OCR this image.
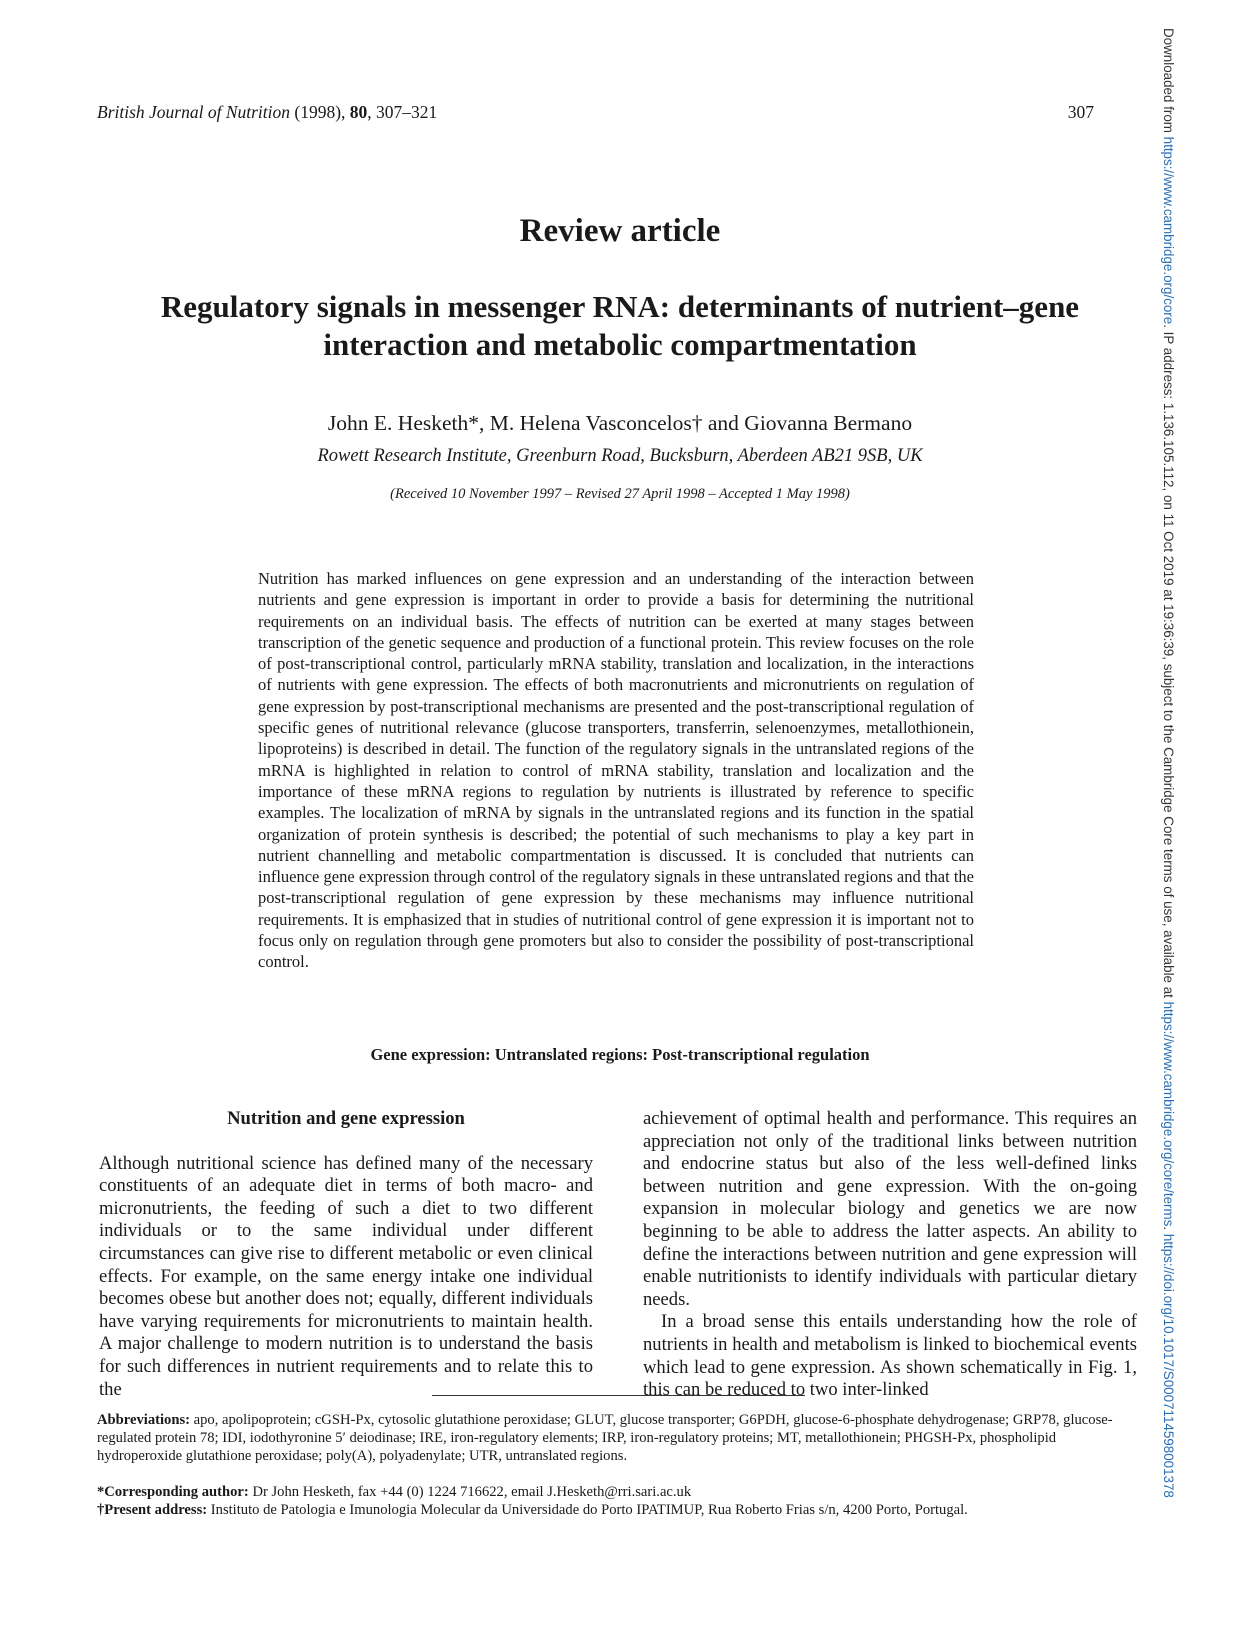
British Journal of Nutrition (1998), 80, 307–321	307
Review article
Regulatory signals in messenger RNA: determinants of nutrient–gene
interaction and metabolic compartmentation
John E. Hesketh*, M. Helena Vasconcelos† and Giovanna Bermano
Rowett Research Institute, Greenburn Road, Bucksburn, Aberdeen AB21 9SB, UK
(Received 10 November 1997 – Revised 27 April 1998 – Accepted 1 May 1998)
Nutrition has marked influences on gene expression and an understanding of the interaction between nutrients and gene expression is important in order to provide a basis for determining the nutritional requirements on an individual basis. The effects of nutrition can be exerted at many stages between transcription of the genetic sequence and production of a functional protein. This review focuses on the role of post-transcriptional control, particularly mRNA stability, translation and localization, in the interactions of nutrients with gene expression. The effects of both macronutrients and micronutrients on regulation of gene expression by post-transcriptional mechanisms are presented and the post-transcriptional regulation of specific genes of nutritional relevance (glucose transporters, transferrin, selenoenzymes, metallothionein, lipoproteins) is described in detail. The function of the regulatory signals in the untranslated regions of the mRNA is highlighted in relation to control of mRNA stability, translation and localization and the importance of these mRNA regions to regulation by nutrients is illustrated by reference to specific examples. The localization of mRNA by signals in the untranslated regions and its function in the spatial organization of protein synthesis is described; the potential of such mechanisms to play a key part in nutrient channelling and metabolic compartmentation is discussed. It is concluded that nutrients can influence gene expression through control of the regulatory signals in these untranslated regions and that the post-transcriptional regulation of gene expression by these mechanisms may influence nutritional requirements. It is emphasized that in studies of nutritional control of gene expression it is important not to focus only on regulation through gene promoters but also to consider the possibility of post-transcriptional control.
Gene expression: Untranslated regions: Post-transcriptional regulation
Nutrition and gene expression

Although nutritional science has defined many of the necessary constituents of an adequate diet in terms of both macro- and micronutrients, the feeding of such a diet to two different individuals or to the same individual under different circumstances can give rise to different metabolic or even clinical effects. For example, on the same energy intake one individual becomes obese but another does not; equally, different individuals have varying requirements for micronutrients to maintain health. A major challenge to modern nutrition is to understand the basis for such differences in nutrient requirements and to relate this to the

achievement of optimal health and performance. This requires an appreciation not only of the traditional links between nutrition and endocrine status but also of the less well-defined links between nutrition and gene expression. With the on-going expansion in molecular biology and genetics we are now beginning to be able to address the latter aspects. An ability to define the interactions between nutrition and gene expression will enable nutritionists to identify individuals with particular dietary needs.

In a broad sense this entails understanding how the role of nutrients in health and metabolism is linked to biochemical events which lead to gene expression. As shown schematically in Fig. 1, this can be reduced to two inter-linked

Abbreviations: apo, apolipoprotein; cGSH-Px, cytosolic glutathione peroxidase; GLUT, glucose transporter; G6PDH, glucose-6-phosphate dehydrogenase; GRP78, glucose-regulated protein 78; IDI, iodothyronine 5′ deiodinase; IRE, iron-regulatory elements; IRP, iron-regulatory proteins; MT, metallothionein; PHGSH-Px, phospholipid hydroperoxide glutathione peroxidase; poly(A), polyadenylate; UTR, untranslated regions.
*Corresponding author: Dr John Hesketh, fax +44 (0) 1224 716622, email J.Hesketh@rri.sari.ac.uk
†Present address: Instituto de Patologia e Imunologia Molecular da Universidade do Porto IPATIMUP, Rua Roberto Frias s/n, 4200 Porto, Portugal.
Downloaded from https://www.cambridge.org/core. IP address: 1.136.105.112, on 11 Oct 2019 at 19:36:39, subject to the Cambridge Core terms of use, available at https://www.cambridge.org/core/terms. https://doi.org/10.1017/S0007114598001378
